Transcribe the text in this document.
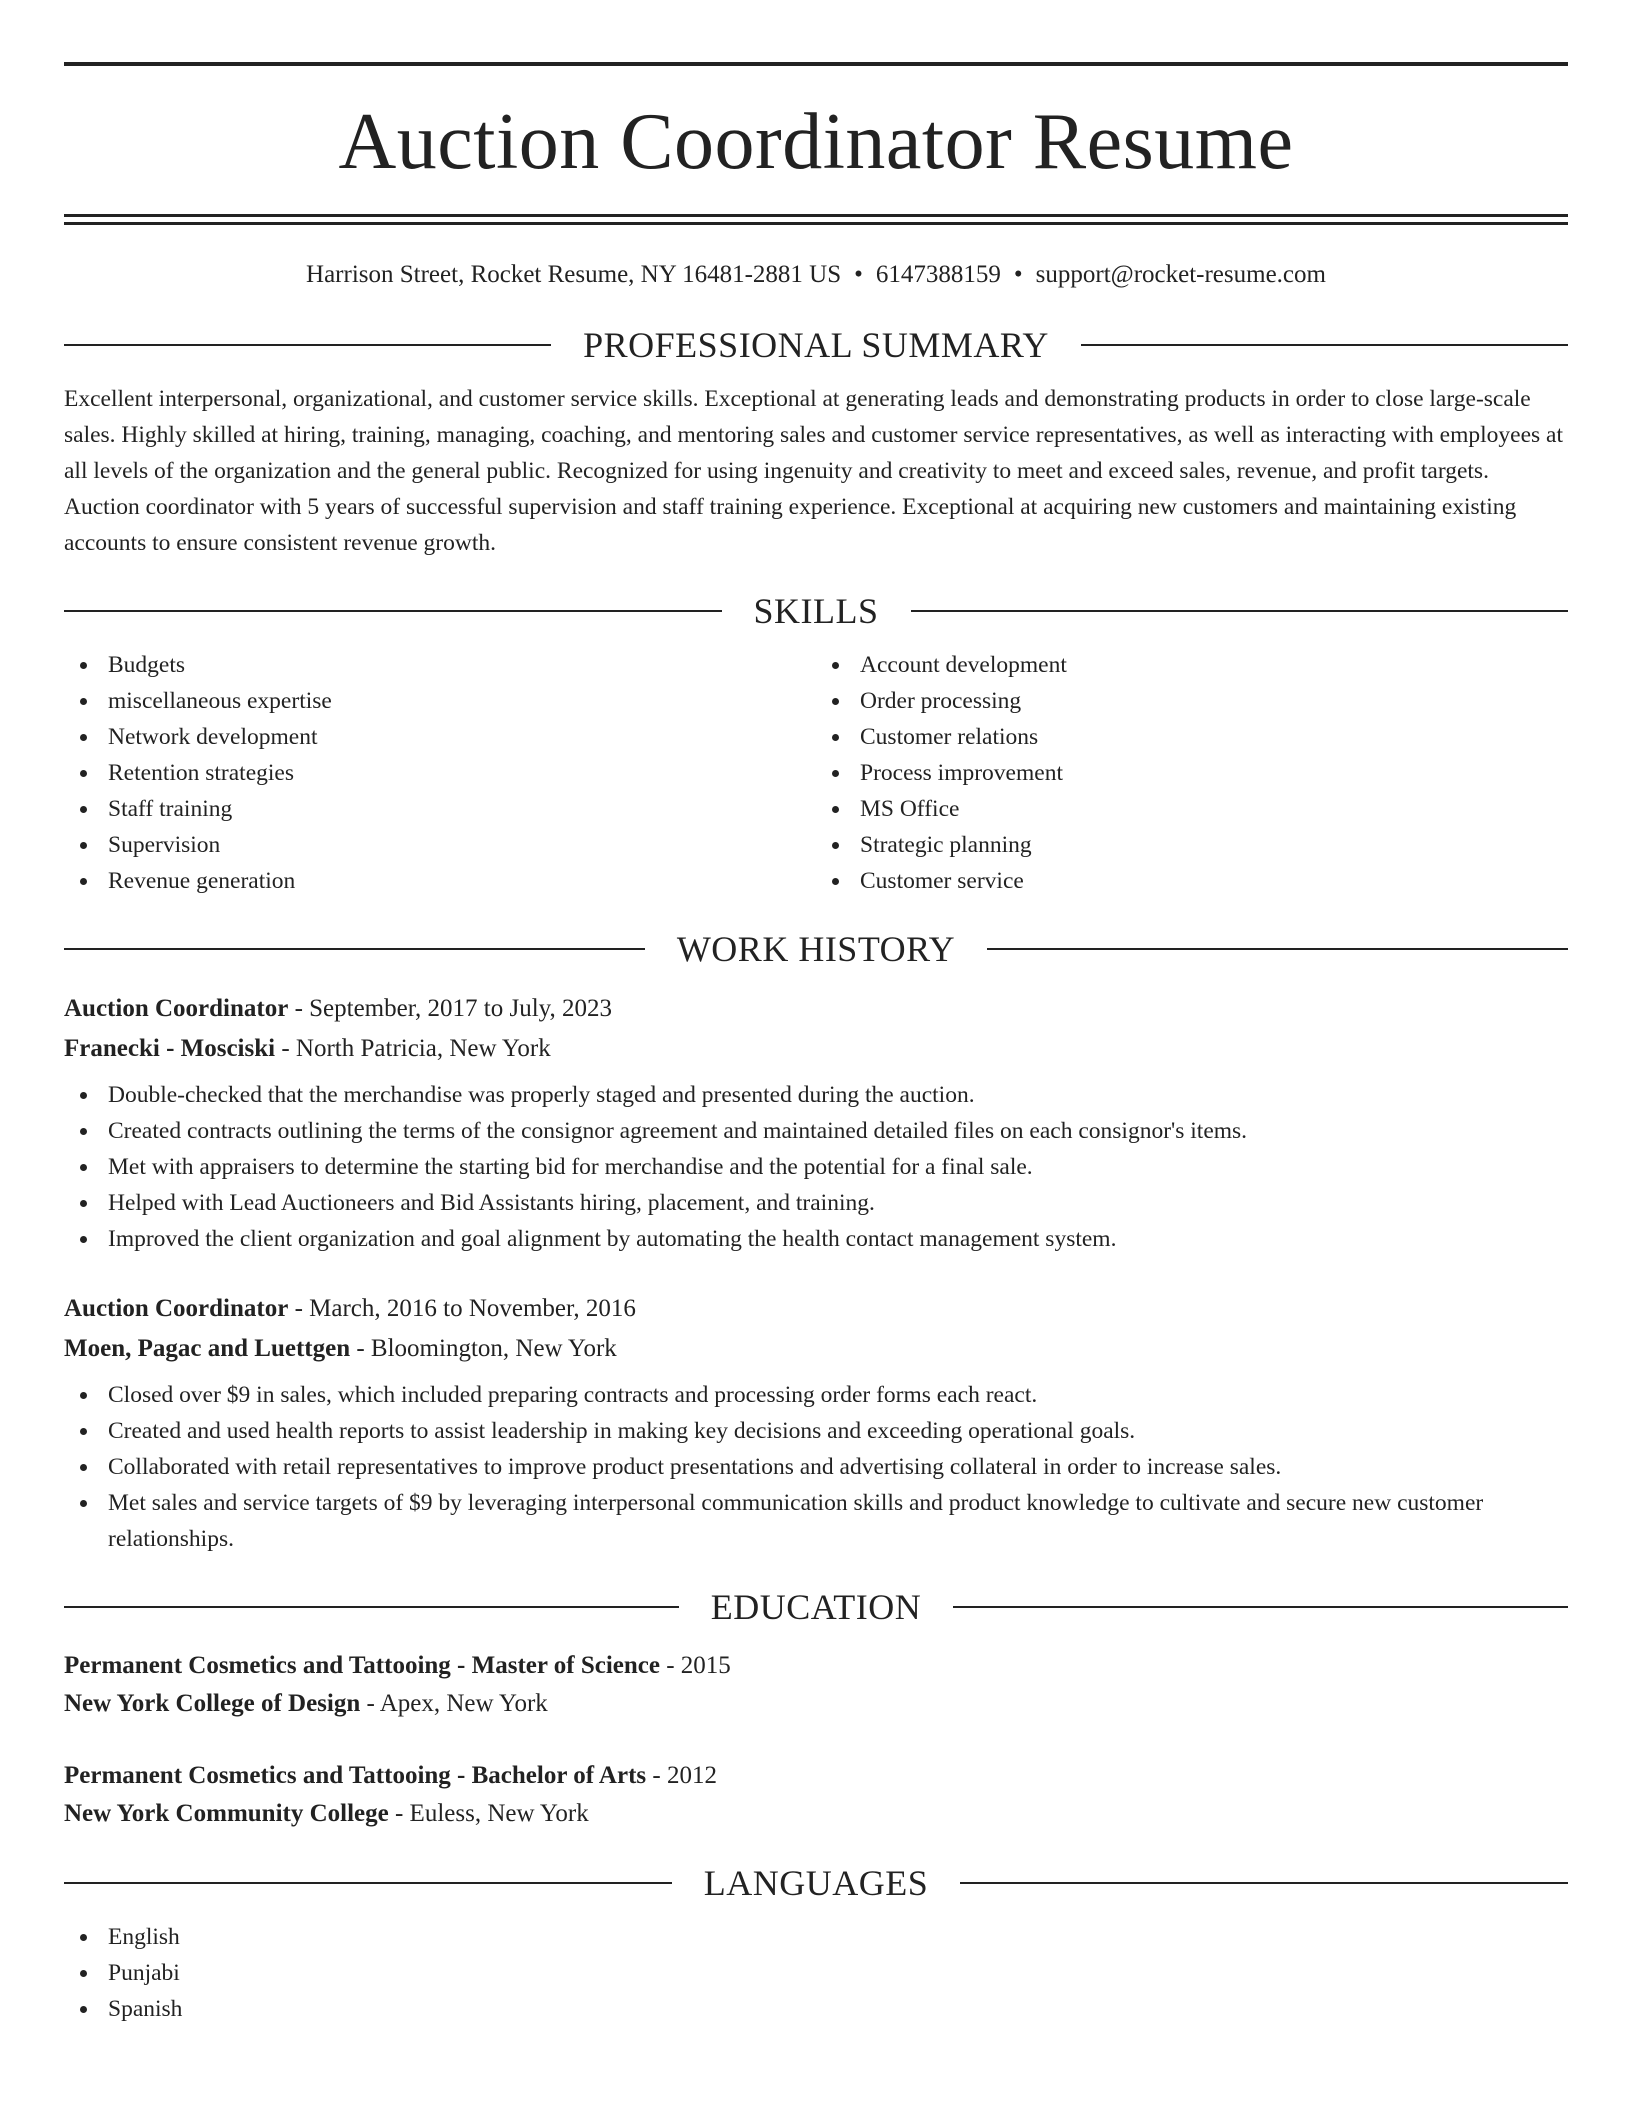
Auction Coordinator Resume
Harrison Street, Rocket Resume, NY 16481-2881 US • 6147388159 • support@rocket-resume.com
PROFESSIONAL SUMMARY
Excellent interpersonal, organizational, and customer service skills. Exceptional at generating leads and demonstrating products in order to close large-scale sales. Highly skilled at hiring, training, managing, coaching, and mentoring sales and customer service representatives, as well as interacting with employees at all levels of the organization and the general public. Recognized for using ingenuity and creativity to meet and exceed sales, revenue, and profit targets. Auction coordinator with 5 years of successful supervision and staff training experience. Exceptional at acquiring new customers and maintaining existing accounts to ensure consistent revenue growth.
SKILLS
Budgets
miscellaneous expertise
Network development
Retention strategies
Staff training
Supervision
Revenue generation
Account development
Order processing
Customer relations
Process improvement
MS Office
Strategic planning
Customer service
WORK HISTORY
Auction Coordinator - September, 2017 to July, 2023
Franecki - Mosciski - North Patricia, New York
Double-checked that the merchandise was properly staged and presented during the auction.
Created contracts outlining the terms of the consignor agreement and maintained detailed files on each consignor's items.
Met with appraisers to determine the starting bid for merchandise and the potential for a final sale.
Helped with Lead Auctioneers and Bid Assistants hiring, placement, and training.
Improved the client organization and goal alignment by automating the health contact management system.
Auction Coordinator - March, 2016 to November, 2016
Moen, Pagac and Luettgen - Bloomington, New York
Closed over $9 in sales, which included preparing contracts and processing order forms each react.
Created and used health reports to assist leadership in making key decisions and exceeding operational goals.
Collaborated with retail representatives to improve product presentations and advertising collateral in order to increase sales.
Met sales and service targets of $9 by leveraging interpersonal communication skills and product knowledge to cultivate and secure new customer relationships.
EDUCATION
Permanent Cosmetics and Tattooing - Master of Science - 2015
New York College of Design - Apex, New York
Permanent Cosmetics and Tattooing - Bachelor of Arts - 2012
New York Community College - Euless, New York
LANGUAGES
English
Punjabi
Spanish
